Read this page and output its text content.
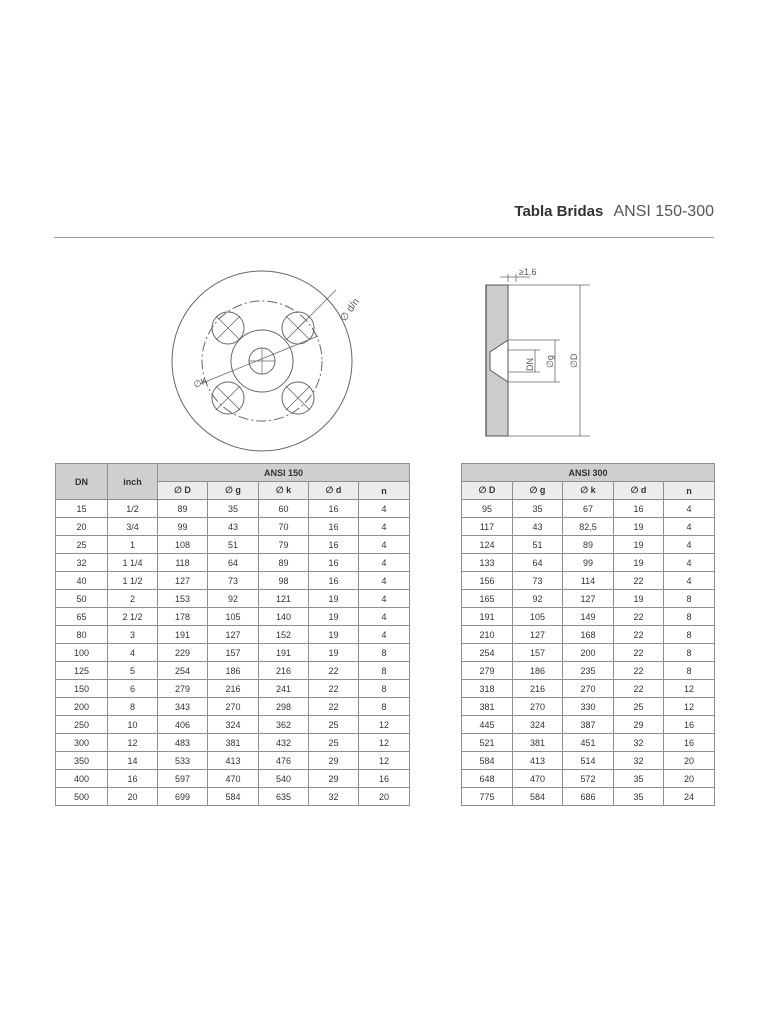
Tabla Bridas ANSI 150-300
∅ d/n
∅K
≥1.6
DN ∅g ∅D
DN	inch	ANSI 150				
		∅ D	∅ g	∅ k	∅ d	n
15	1/2	89	35	60	16	4
20	3/4	99	43	70	16	4
25	1	108	51	79	16	4
32	1 1/4	118	64	89	16	4
40	1 1/2	127	73	98	16	4
50	2	153	92	121	19	4
65	2 1/2	178	105	140	19	4
80	3	191	127	152	19	4
100	4	229	157	191	19	8
125	5	254	186	216	22	8
150	6	279	216	241	22	8
200	8	343	270	298	22	8
250	10	406	324	362	25	12
300	12	483	381	432	25	12
350	14	533	413	476	29	12
400	16	597	470	540	29	16
500	20	699	584	635	32	20
ANSI 300				
∅ D	∅ g	∅ k	∅ d	n
95	35	67	16	4
117	43	82,5	19	4
124	51	89	19	4
133	64	99	19	4
156	73	114	22	4
165	92	127	19	8
191	105	149	22	8
210	127	168	22	8
254	157	200	22	8
279	186	235	22	8
318	216	270	22	12
381	270	330	25	12
445	324	387	29	16
521	381	451	32	16
584	413	514	32	20
648	470	572	35	20
775	584	686	35	24
